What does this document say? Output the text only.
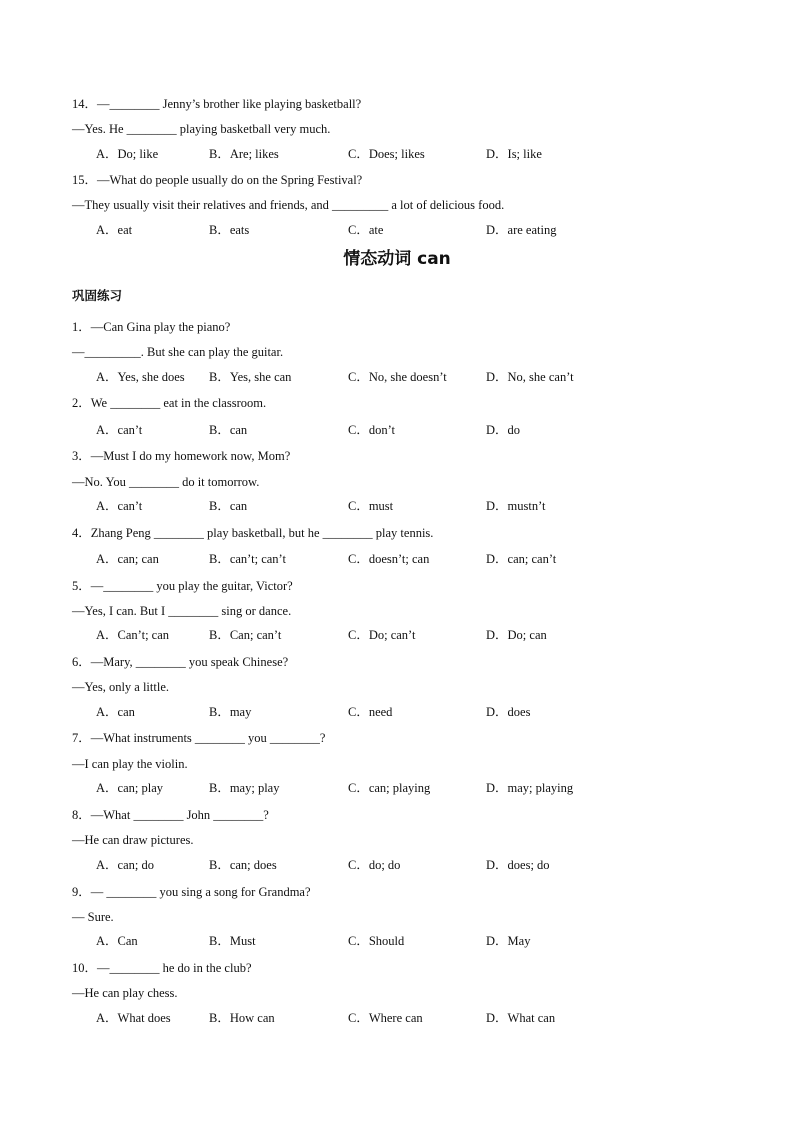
情态动词 can
巩固练习
14．—________ Jenny’s brother like playing basketball?
—Yes. He ________ playing basketball very much.
A．Do; like	B．Are; likes	C．Does; likes	D．Is; like
15．—What do people usually do on the Spring Festival?
—They usually visit their relatives and friends, and _________ a lot of delicious food.
A．eat	B．eats	C．ate	D．are eating
1．—Can Gina play the piano?
—_________. But she can play the guitar.
A．Yes, she does B．Yes, she can	C．No, she doesn’t	D．No, she can’t
2．We ________ eat in the classroom.
A．can’t	B．can	C．don’t	D．do
3．—Must I do my homework now, Mom?
—No. You ________ do it tomorrow.
A．can’t	B．can	C．must	D．mustn’t
4．Zhang Peng ________ play basketball, but he ________ play tennis.
A．can; can	B．can’t; can’t	C．doesn’t; can	D．can; can’t
5．—________ you play the guitar, Victor?
—Yes, I can. But I ________ sing or dance.
A．Can’t; can	B．Can; can’t	C．Do; can’t	D．Do; can
6．—Mary, ________ you speak Chinese?
—Yes, only a little.
A．can	B．may	C．need	D．does
7．—What instruments ________ you ________?
—I can play the violin.
A．can; play	B．may; play	C．can; playing	D．may; playing
8．—What ________ John ________?
—He can draw pictures.
A．can; do	B．can; does	C．do; do	D．does; do
9．— ________ you sing a song for Grandma?
— Sure.
A．Can	B．Must	C．Should	D．May
10．—________ he do in the club?
—He can play chess.
A．What does	B．How can	C．Where can	D．What can
